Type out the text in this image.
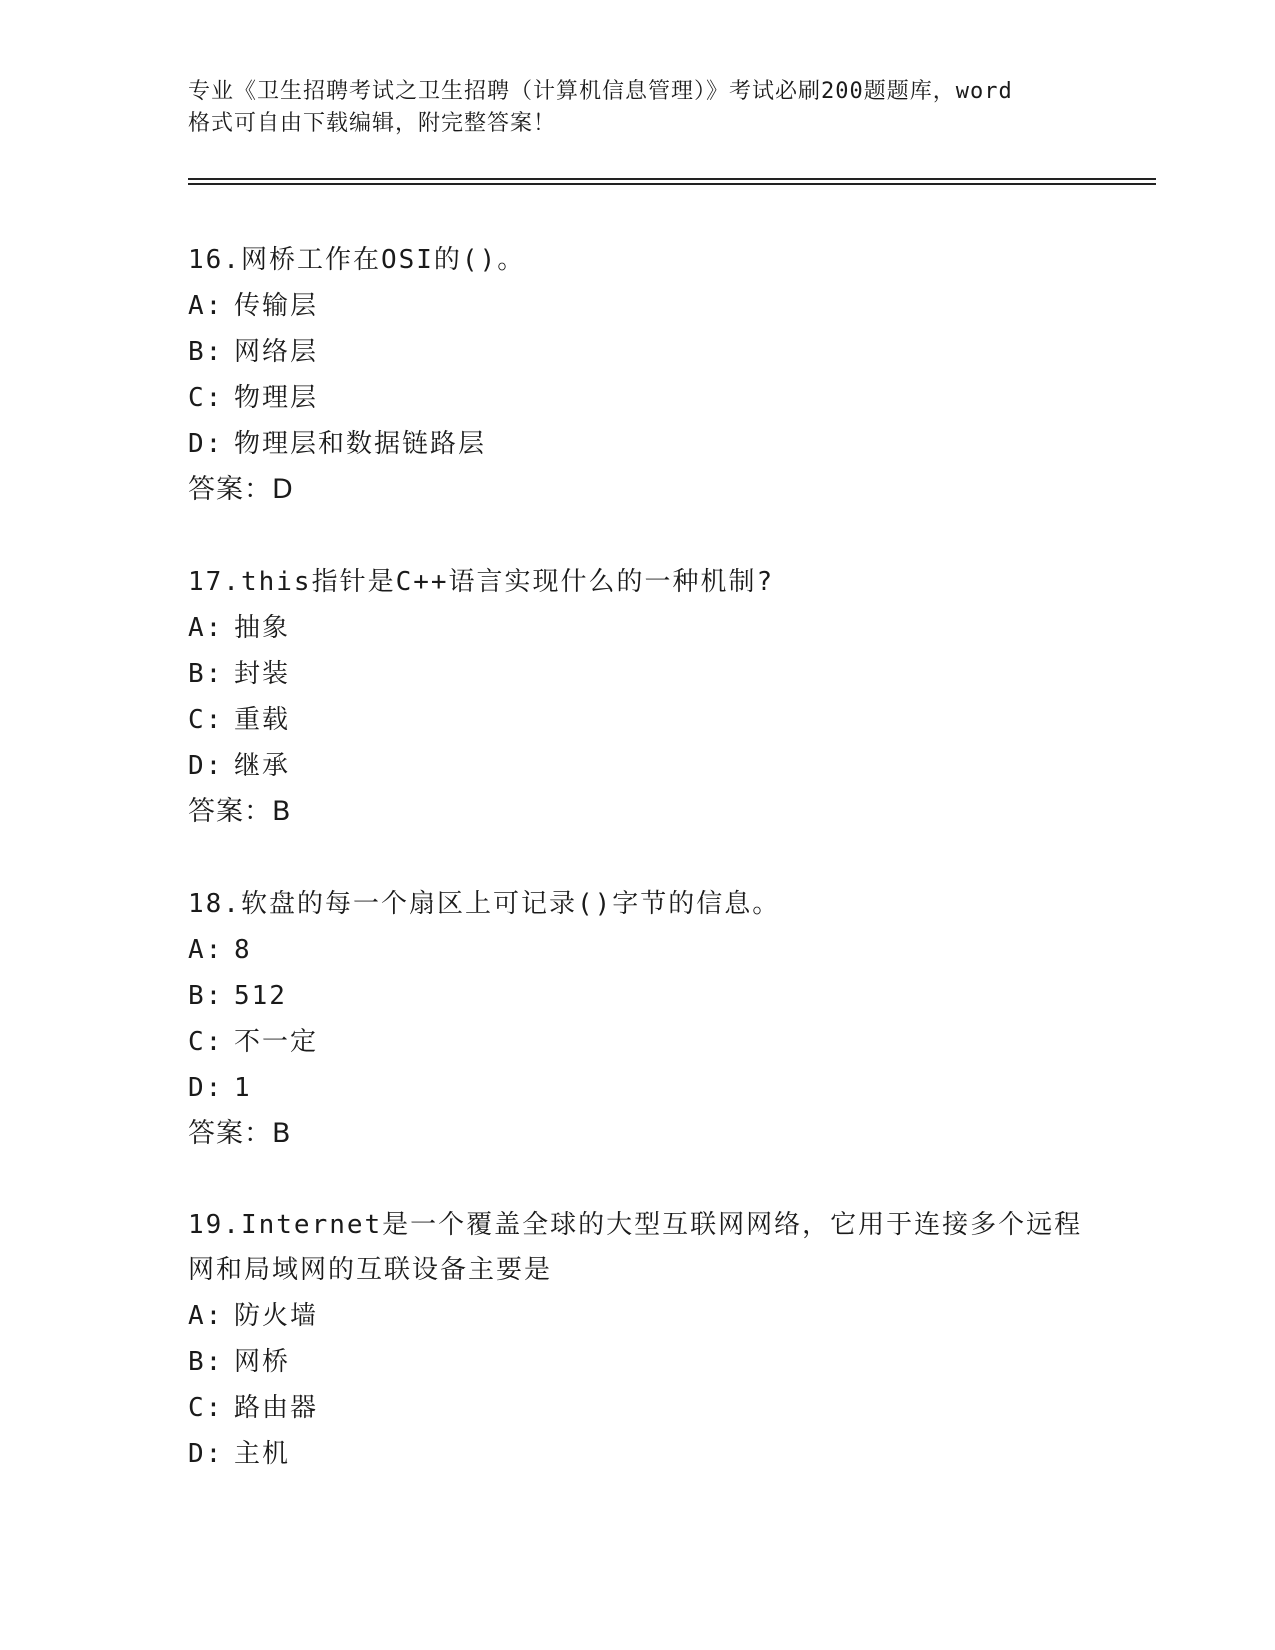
专业《卫生招聘考试之卫生招聘（计算机信息管理）》考试必刷200题题库，word
格式可自由下载编辑，附完整答案！

16.网桥工作在OSI的()。

A: 传输层

B: 网络层

C: 物理层

D: 物理层和数据链路层

答案：D

17.this指针是C++语言实现什么的一种机制?

A: 抽象

B: 封装

C: 重载

D: 继承

答案：B

18.软盘的每一个扇区上可记录()字节的信息。

A: 8

B: 512

C: 不一定

D: 1

答案：B

19.Internet是一个覆盖全球的大型互联网网络，它用于连接多个远程
网和局域网的互联设备主要是

A: 防火墙

B: 网桥

C: 路由器

D: 主机
